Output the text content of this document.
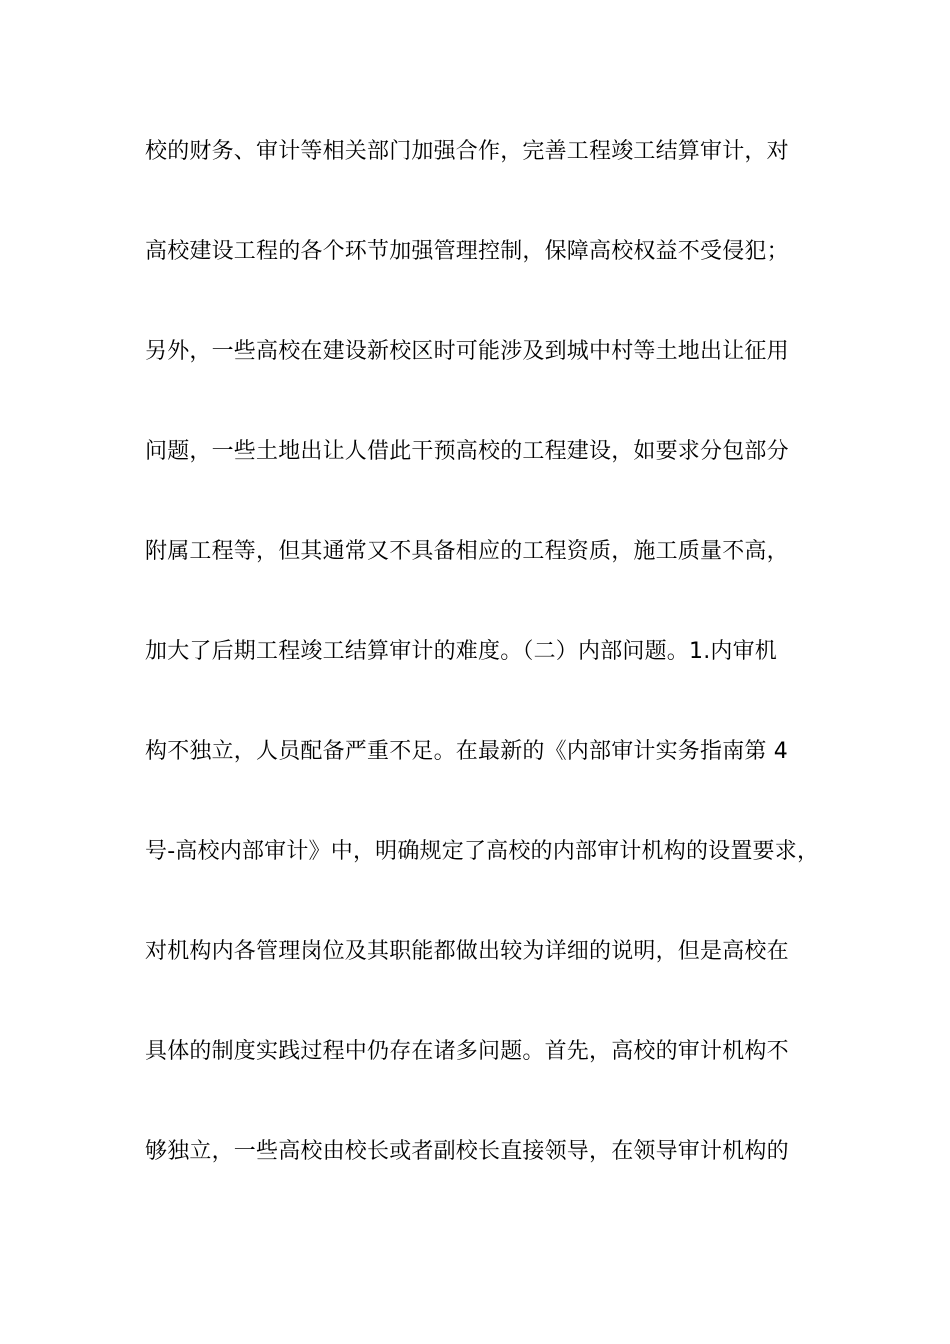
校的财务、审计等相关部门加强合作，完善工程竣工结算审计，对
高校建设工程的各个环节加强管理控制，保障高校权益不受侵犯；
另外，一些高校在建设新校区时可能涉及到城中村等土地出让征用
问题，一些土地出让人借此干预高校的工程建设，如要求分包部分
附属工程等，但其通常又不具备相应的工程资质，施工质量不高，
加大了后期工程竣工结算审计的难度。（二）内部问题。1.内审机
构不独立，人员配备严重不足。在最新的《内部审计实务指南第 4
号-高校内部审计》中，明确规定了高校的内部审计机构的设置要求，
对机构内各管理岗位及其职能都做出较为详细的说明，但是高校在
具体的制度实践过程中仍存在诸多问题。首先，高校的审计机构不
够独立，一些高校由校长或者副校长直接领导，在领导审计机构的
